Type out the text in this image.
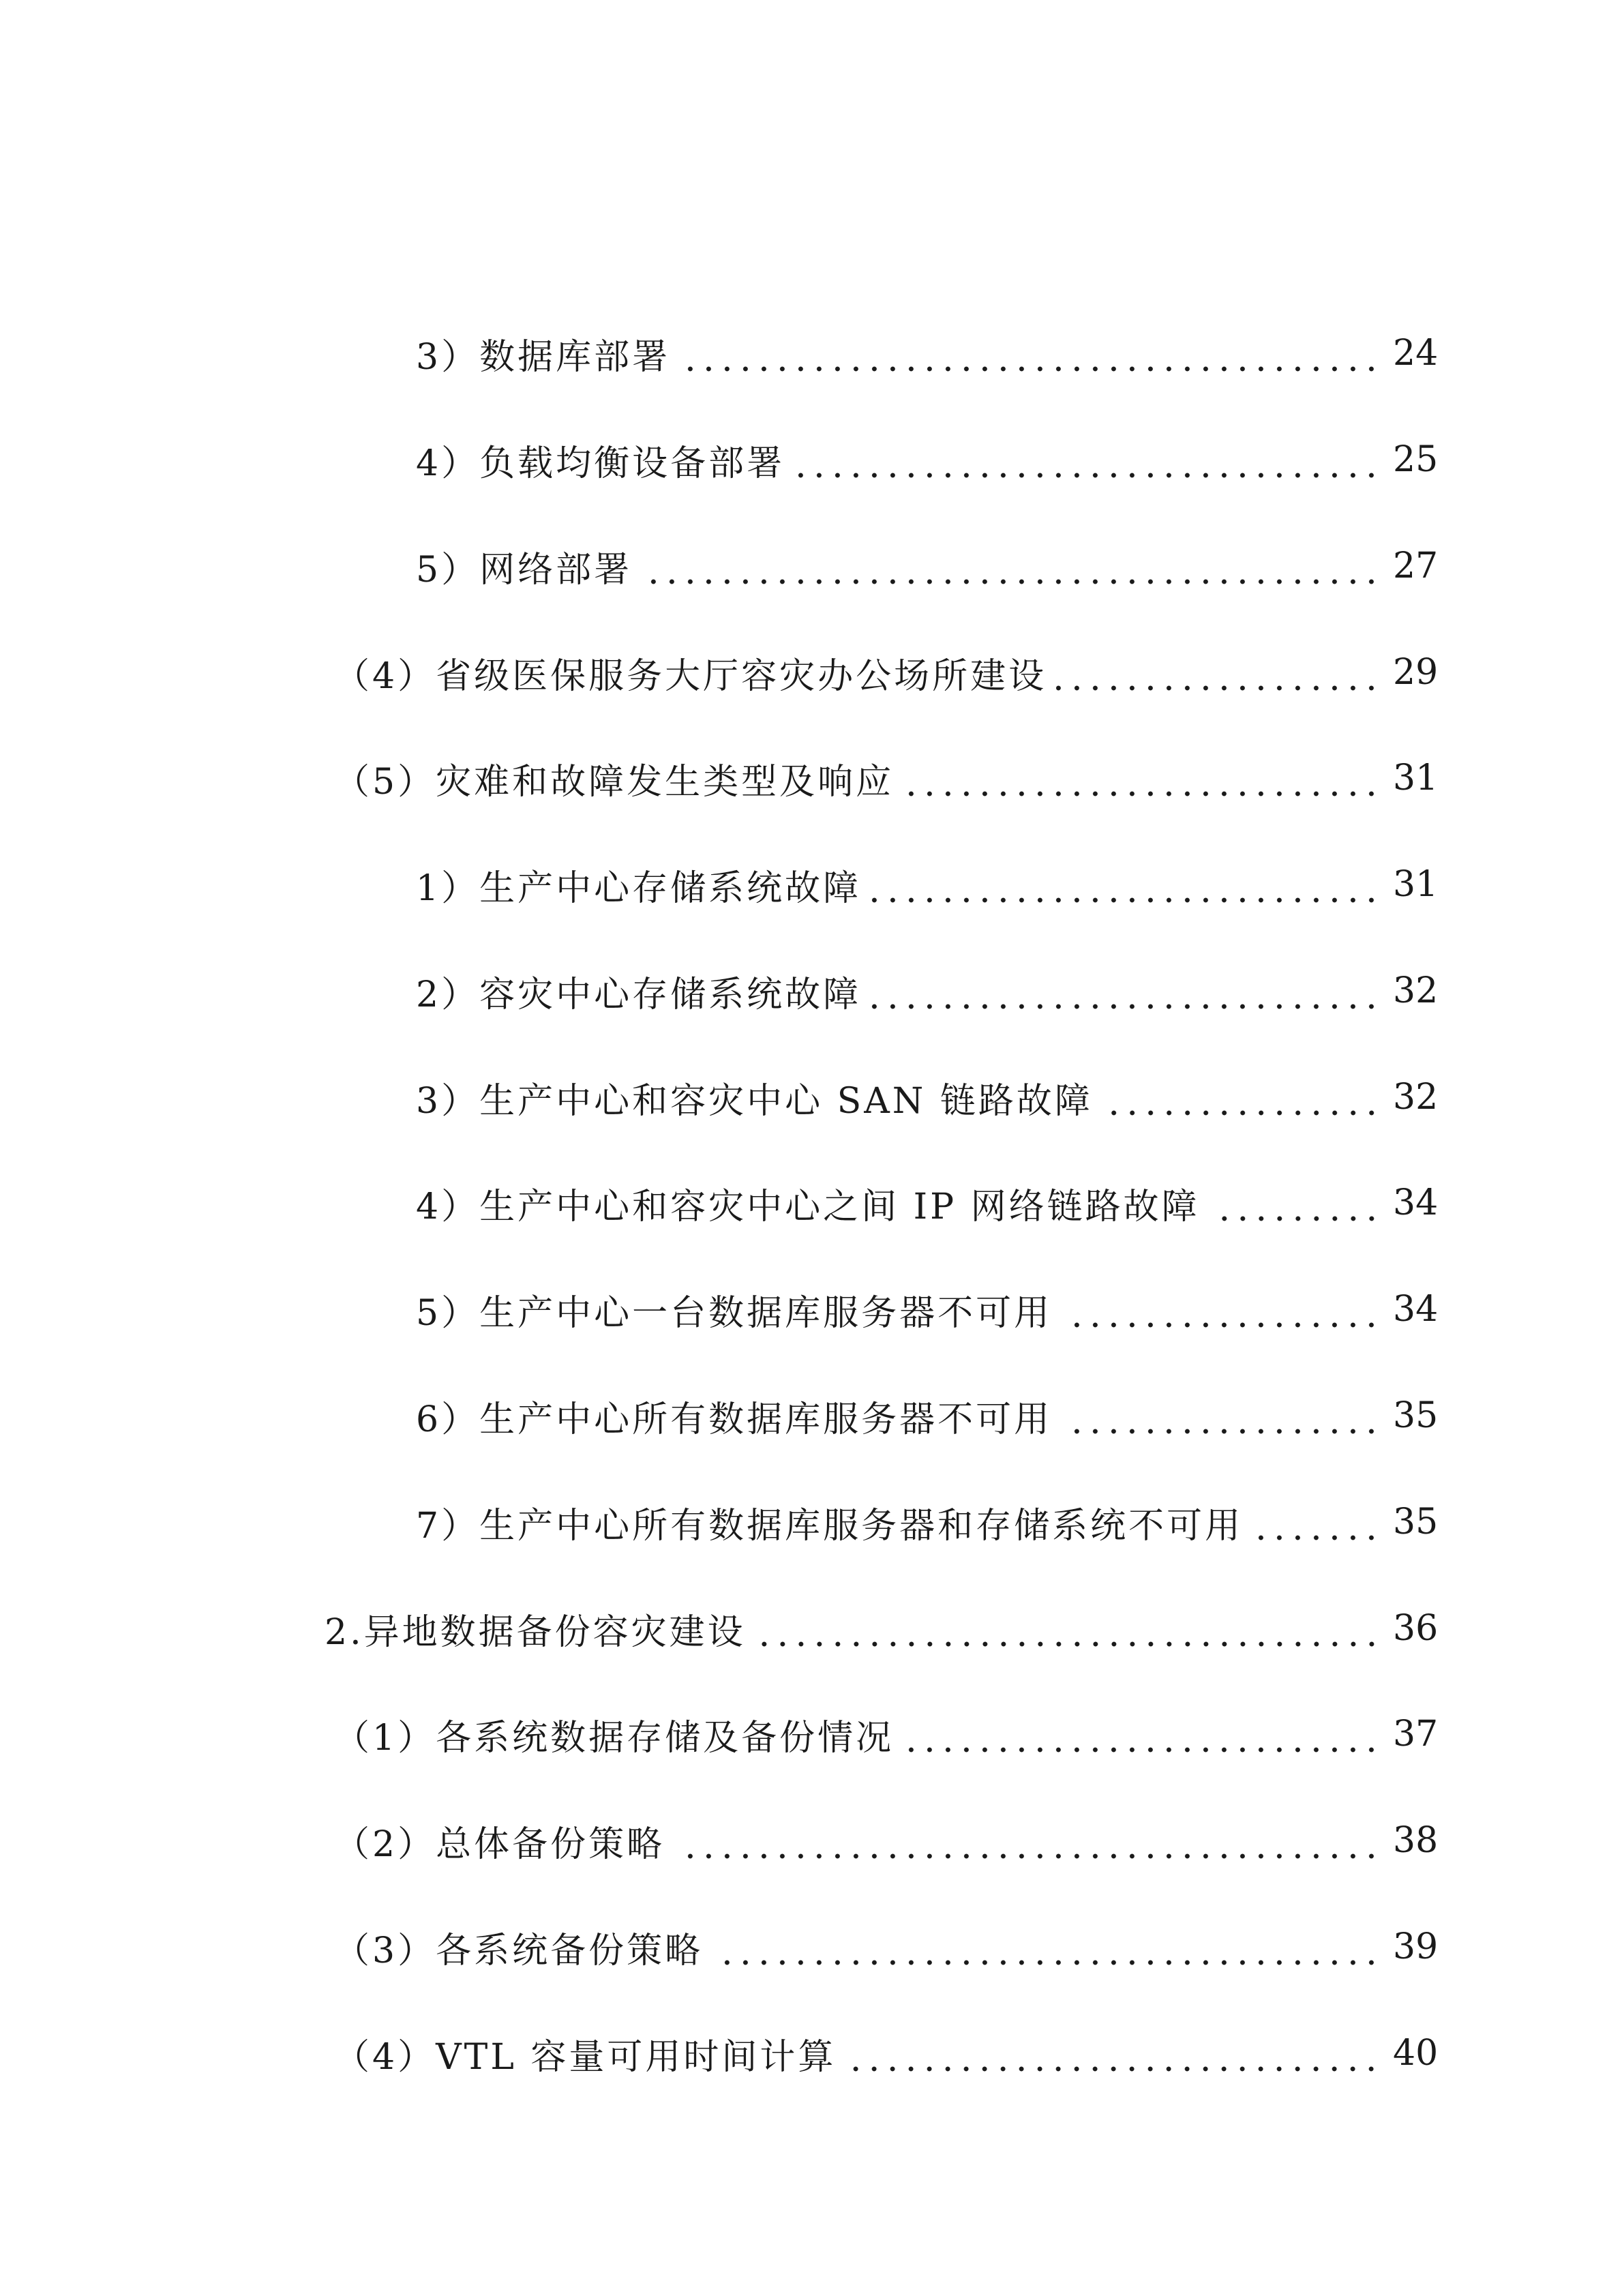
3）数据库部署	24
4）负载均衡设备部署	25
5）网络部署	27
（4）省级医保服务大厅容灾办公场所建设	29
（5）灾难和故障发生类型及响应	31
1）生产中心存储系统故障	31
2）容灾中心存储系统故障	32
3）生产中心和容灾中心 SAN 链路故障	32
4）生产中心和容灾中心之间 IP 网络链路故障	34
5）生产中心一台数据库服务器不可用	34
6）生产中心所有数据库服务器不可用	35
7）生产中心所有数据库服务器和存储系统不可用	35
2.异地数据备份容灾建设	36
（1）各系统数据存储及备份情况	37
（2）总体备份策略	38
（3）各系统备份策略	39
（4）VTL 容量可用时间计算	40
